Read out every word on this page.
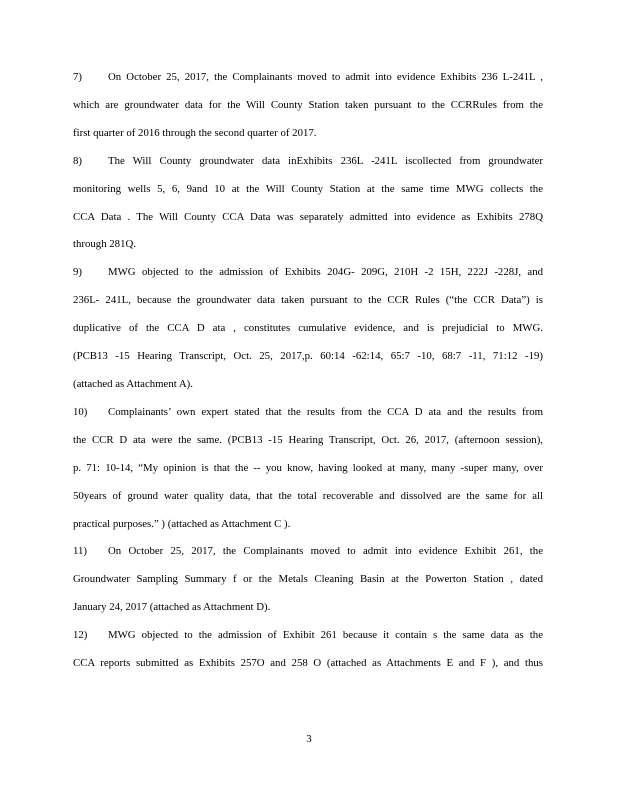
7) On October 25, 2017, the Complainants moved to admit into evidence Exhibits 236 L-241L ,
which are groundwater data for the Will County Station taken pursuant to the CCRRules from the
first quarter of 2016 through the second quarter of 2017.
8) The Will County groundwater data inExhibits 236L -241L iscollected from groundwater
monitoring wells 5, 6, 9and 10 at the Will County Station at the same time MWG collects the
CCA Data . The Will County CCA Data was separately admitted into evidence as Exhibits 278Q
through 281Q.
9) MWG objected to the admission of Exhibits 204G- 209G, 210H -2 15H, 222J -228J, and
236L- 241L, because the groundwater data taken pursuant to the CCR Rules (“the CCR Data”) is
duplicative of the CCA D ata , constitutes cumulative evidence, and is prejudicial to MWG.
(PCB13 -15 Hearing Transcript, Oct. 25, 2017,p. 60:14 -62:14, 65:7 -10, 68:7 -11, 71:12 -19)
(attached as Attachment A).
10) Complainants’ own expert stated that the results from the CCA D ata and the results from
the CCR D ata were the same. (PCB13 -15 Hearing Transcript, Oct. 26, 2017, (afternoon session),
p. 71: 10-14, “My opinion is that the -- you know, having looked at many, many -super many, over
50years of ground water quality data, that the total recoverable and dissolved are the same for all
practical purposes.” ) (attached as Attachment C ).
11) On October 25, 2017, the Complainants moved to admit into evidence Exhibit 261, the
Groundwater Sampling Summary f or the Metals Cleaning Basin at the Powerton Station , dated
January 24, 2017 (attached as Attachment D).
12) MWG objected to the admission of Exhibit 261 because it contain s the same data as the
CCA reports submitted as Exhibits 257O and 258 O (attached as Attachments E and F ), and thus
3
